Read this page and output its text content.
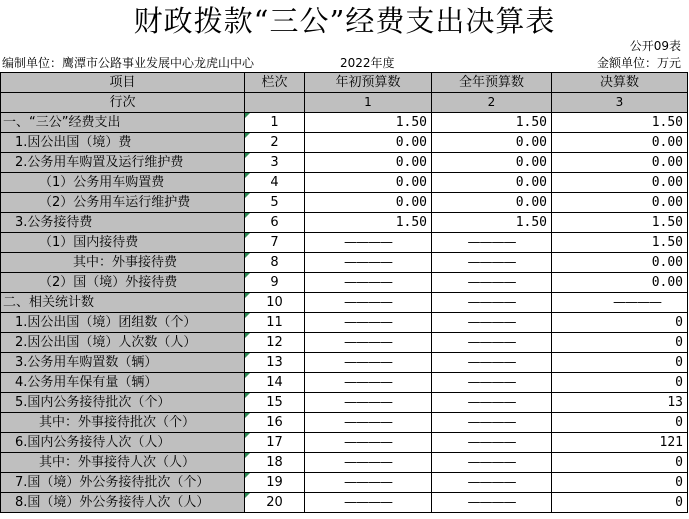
财政拨款“三公”经费支出决算表
公开09表
编制单位：鹰潭市公路事业发展中心龙虎山中心	2022年度	金额单位：万元
项目	栏次	年初预算数	全年预算数	决算数
行次		1	2	3
一、“三公”经费支出	1	1.50	1.50	1.50
1.因公出国（境）费	2	0.00	0.00	0.00
2.公务用车购置及运行维护费	3	0.00	0.00	0.00
（1）公务用车购置费	4	0.00	0.00	0.00
（2）公务用车运行维护费	5	0.00	0.00	0.00
3.公务接待费	6	1.50	1.50	1.50
（1）国内接待费	7	————	————	1.50
其中：外事接待费	8	————	————	0.00
（2）国（境）外接待费	9	————	————	0.00
二、相关统计数	10	————	————	————
1.因公出国（境）团组数（个）	11	————	————	0
2.因公出国（境）人次数（人）	12	————	————	0
3.公务用车购置数（辆）	13	————	————	0
4.公务用车保有量（辆）	14	————	————	0
5.国内公务接待批次（个）	15	————	————	13
其中：外事接待批次（个）	16	————	————	0
6.国内公务接待人次（人）	17	————	————	121
其中：外事接待人次（人）	18	————	————	0
7.国（境）外公务接待批次（个）	19	————	————	0
8.国（境）外公务接待人次（人）	20	————	————	0
